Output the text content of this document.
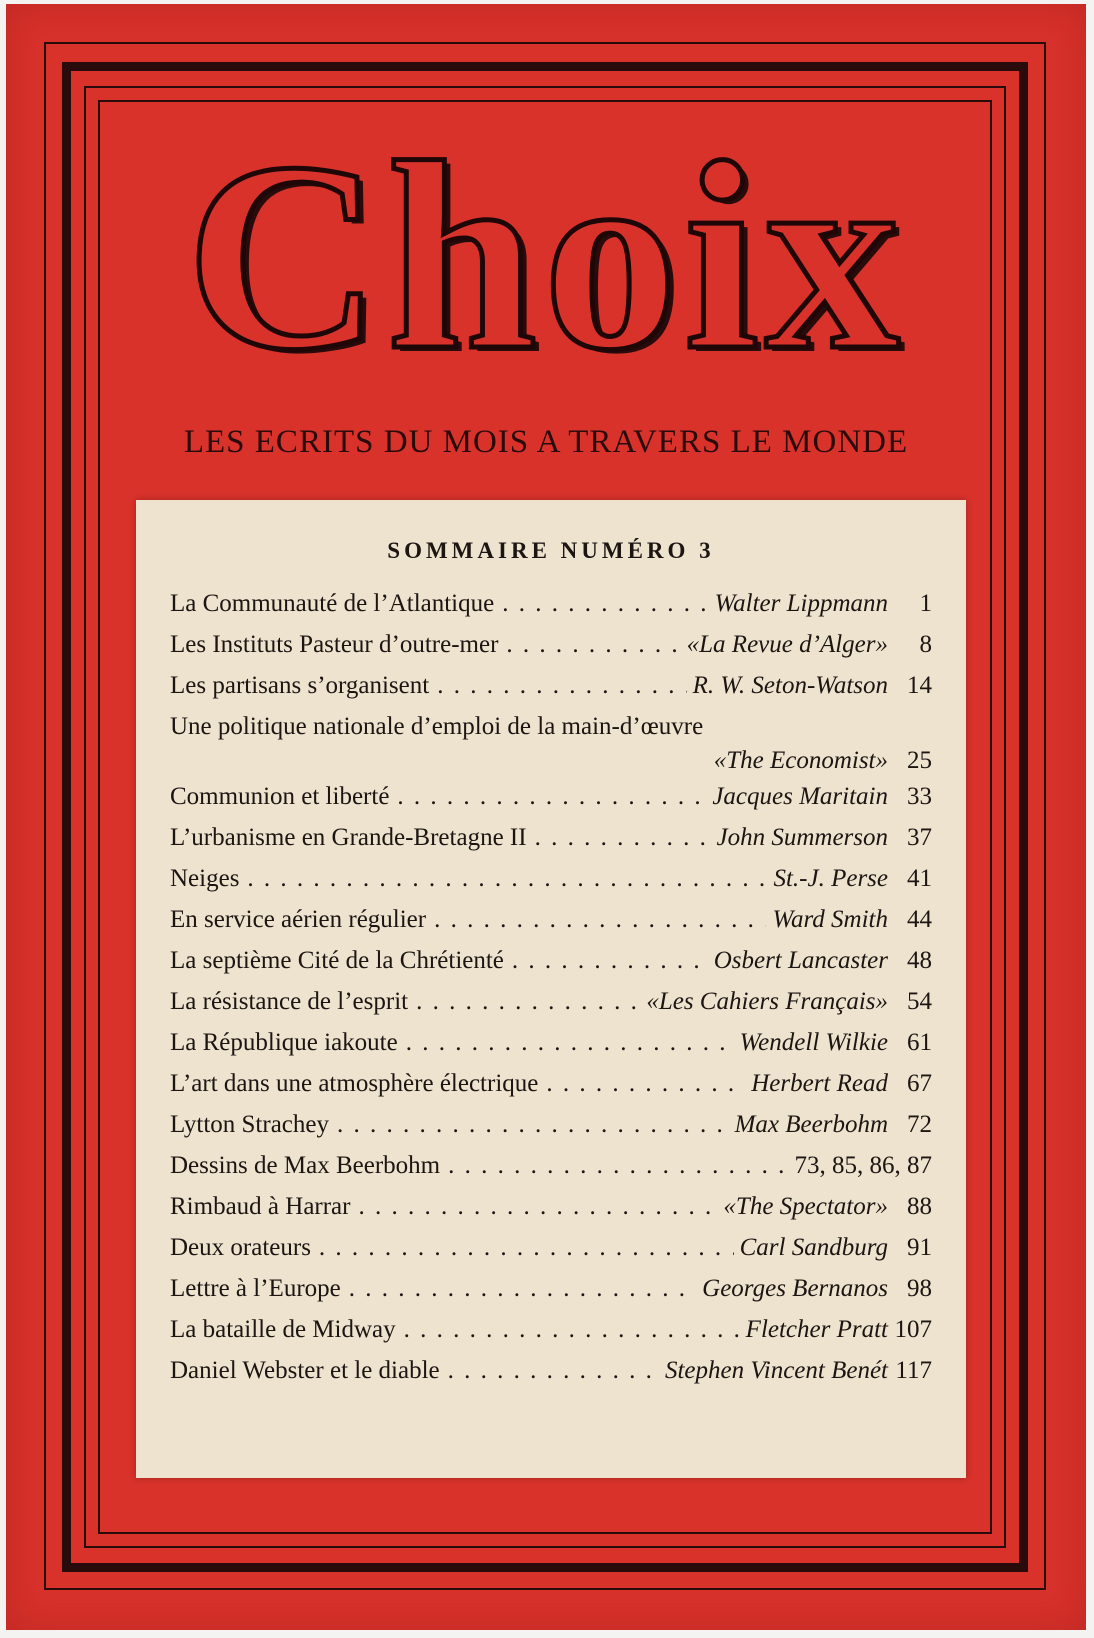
Choix
LES ECRITS DU MOIS A TRAVERS LE MONDE
SOMMAIRE NUMÉRO 3
La Communauté de l’Atlantique . . .	Walter Lippmann	1
Les Instituts Pasteur d’outre-mer . . .	«La Revue d’Alger»	8
Les partisans s’organisent . . .	R. W. Seton-Watson 14
Une politique nationale d’emploi de la main-d’œuvre
«The Economist» 25
Communion et liberté . . .	Jacques Maritain 33
L’urbanisme en Grande-Bretagne II . . .	John Summerson 37
Neiges . . .	St.-J. Perse 41
En service aérien régulier . . .	Ward Smith 44
La septième Cité de la Chrétienté . . .	Osbert Lancaster 48
La résistance de l’esprit . . .	«Les Cahiers Français» 54
La République iakoute . . .	Wendell Wilkie 61
L’art dans une atmosphère électrique . . .	Herbert Read 67
Lytton Strachey . . .	Max Beerbohm 72
Dessins de Max Beerbohm . . .	73, 85, 86, 87
Rimbaud à Harrar . . .	«The Spectator» 88
Deux orateurs . . .	Carl Sandburg 91
Lettre à l’Europe . . .	Georges Bernanos 98
La bataille de Midway . . .	Fletcher Pratt 107
Daniel Webster et le diable . . .	Stephen Vincent Benét 117
